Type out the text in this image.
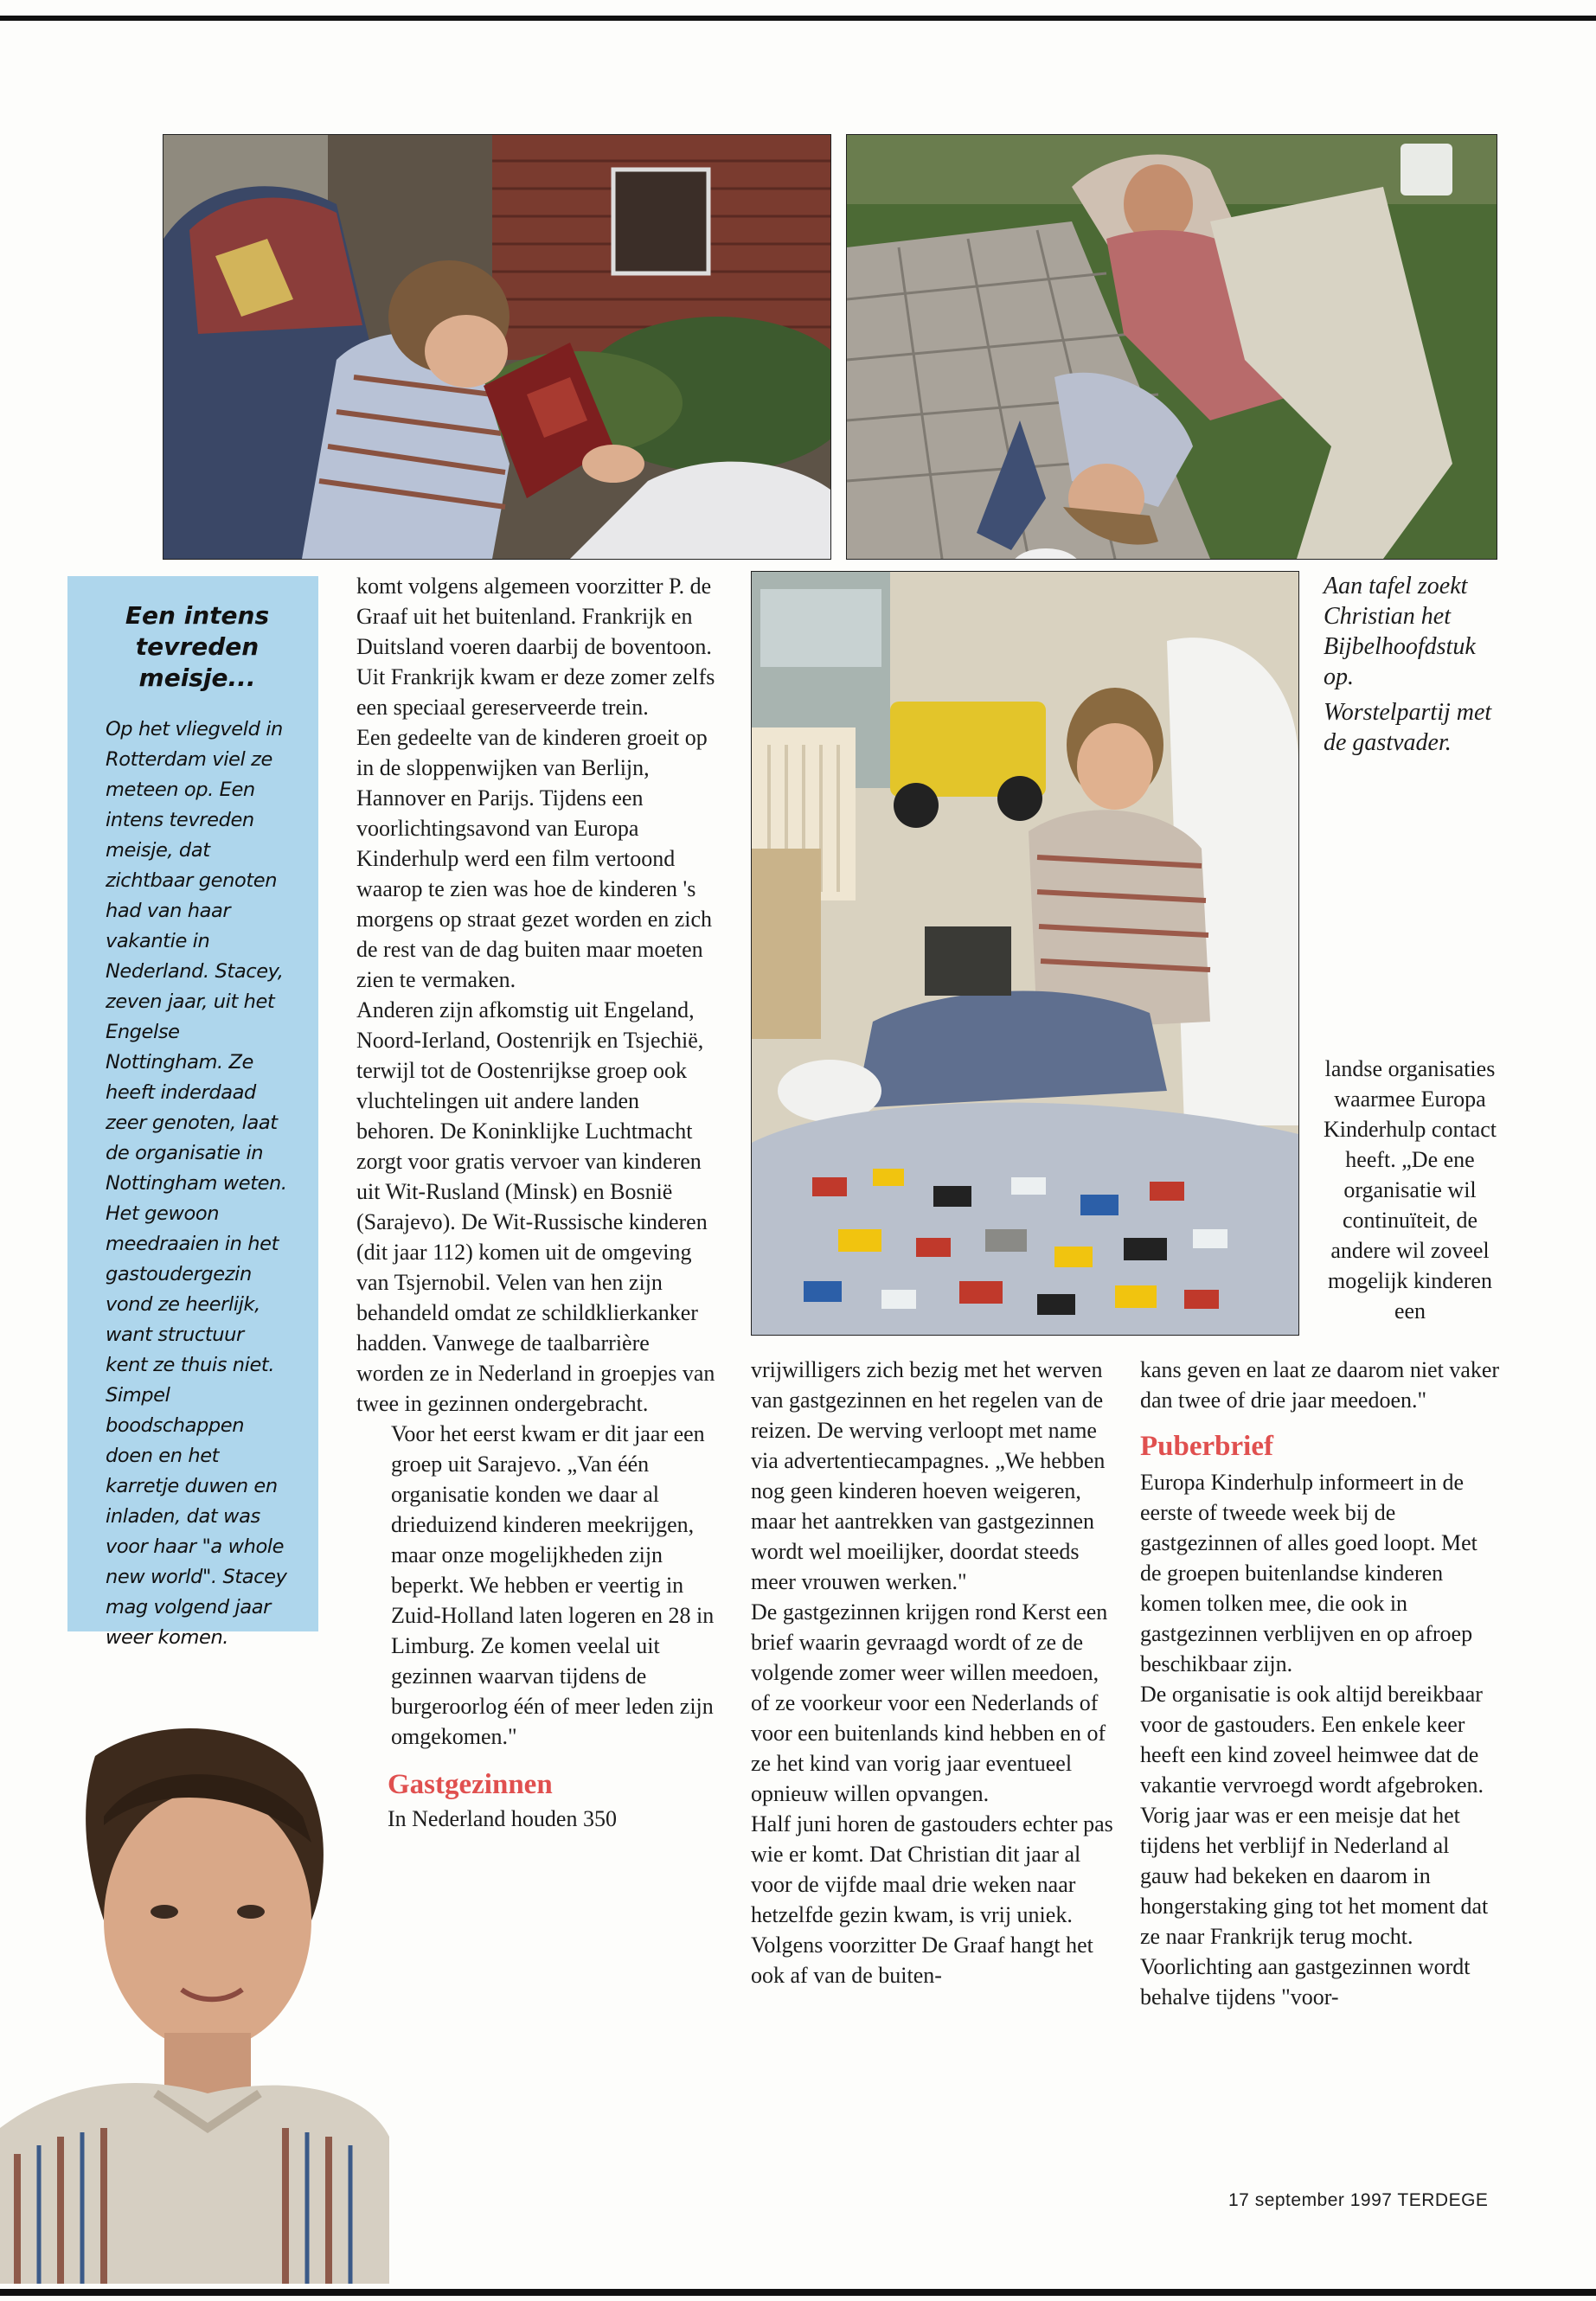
Een intens tevreden meisje...
Op het vliegveld in Rotterdam viel ze meteen op. Een intens tevreden meisje, dat zichtbaar genoten had van haar vakantie in Nederland. Stacey, zeven jaar, uit het Engelse Nottingham. Ze heeft inderdaad zeer genoten, laat de organisatie in Nottingham weten. Het gewoon meedraaien in het gastoudergezin vond ze heerlijk, want structuur kent ze thuis niet. Simpel boodschappen doen en het karretje duwen en inladen, dat was voor haar "a whole new world". Stacey mag volgend jaar weer komen.

komt volgens algemeen voorzitter P. de Graaf uit het buitenland. Frankrijk en Duitsland voeren daarbij de boventoon. Uit Frankrijk kwam er deze zomer zelfs een speciaal gereserveerde trein.

Een gedeelte van de kinderen groeit op in de sloppenwijken van Berlijn, Hannover en Parijs. Tijdens een voorlichtingsavond van Europa Kinderhulp werd een film vertoond waarop te zien was hoe de kinderen 's morgens op straat gezet worden en zich de rest van de dag buiten maar moeten zien te vermaken.

Anderen zijn afkomstig uit Engeland, Noord-Ierland, Oostenrijk en Tsjechië, terwijl tot de Oostenrijkse groep ook vluchtelingen uit andere landen behoren. De Koninklijke Luchtmacht zorgt voor gratis vervoer van kinderen uit Wit-Rusland (Minsk) en Bosnië (Sarajevo). De Wit-Russische kinderen (dit jaar 112) komen uit de omgeving van Tsjernobil. Velen van hen zijn behandeld omdat ze schildklierkanker hadden. Vanwege de taalbarrière worden ze in Nederland in groepjes van twee in gezinnen ondergebracht.

Voor het eerst kwam er dit jaar een groep uit Sarajevo. „Van één organisatie konden we daar al drieduizend kinderen meekrijgen, maar onze mogelijkheden zijn beperkt. We hebben er veertig in Zuid-Holland laten logeren en 28 in Limburg. Ze komen veelal uit gezinnen waarvan tijdens de burgeroorlog één of meer leden zijn omgekomen."

Gastgezinnen

In Nederland houden 350

vrijwilligers zich bezig met het werven van gastgezinnen en het regelen van de reizen. De werving verloopt met name via advertentiecampagnes. „We hebben nog geen kinderen hoeven weigeren, maar het aantrekken van gastgezinnen wordt wel moeilijker, doordat steeds meer vrouwen werken."

De gastgezinnen krijgen rond Kerst een brief waarin gevraagd wordt of ze de volgende zomer weer willen meedoen, of ze voorkeur voor een Nederlands of voor een buitenlands kind hebben en of ze het kind van vorig jaar eventueel opnieuw willen opvangen.

Half juni horen de gastouders echter pas wie er komt. Dat Christian dit jaar al voor de vijfde maal drie weken naar hetzelfde gezin kwam, is vrij uniek. Volgens voorzitter De Graaf hangt het ook af van de buiten-

Aan tafel zoekt Christian het Bijbelhoofdstuk op.
Worstelpartij met de gastvader.
landse organisaties waarmee Europa Kinderhulp contact heeft. „De ene organisatie wil continuïteit, de andere wil zoveel mogelijk kinderen een

kans geven en laat ze daarom niet vaker dan twee of drie jaar meedoen."

Puberbrief

Europa Kinderhulp informeert in de eerste of tweede week bij de gastgezinnen of alles goed loopt. Met de groepen buitenlandse kinderen komen tolken mee, die ook in gastgezinnen verblijven en op afroep beschikbaar zijn.

De organisatie is ook altijd bereikbaar voor de gastouders. Een enkele keer heeft een kind zoveel heimwee dat de vakantie vervroegd wordt afgebroken.

Vorig jaar was er een meisje dat het tijdens het verblijf in Nederland al gauw had bekeken en daarom in hongerstaking ging tot het moment dat ze naar Frankrijk terug mocht.

Voorlichting aan gastgezinnen wordt behalve tijdens "voor-

17 september 1997 TERDEGE
